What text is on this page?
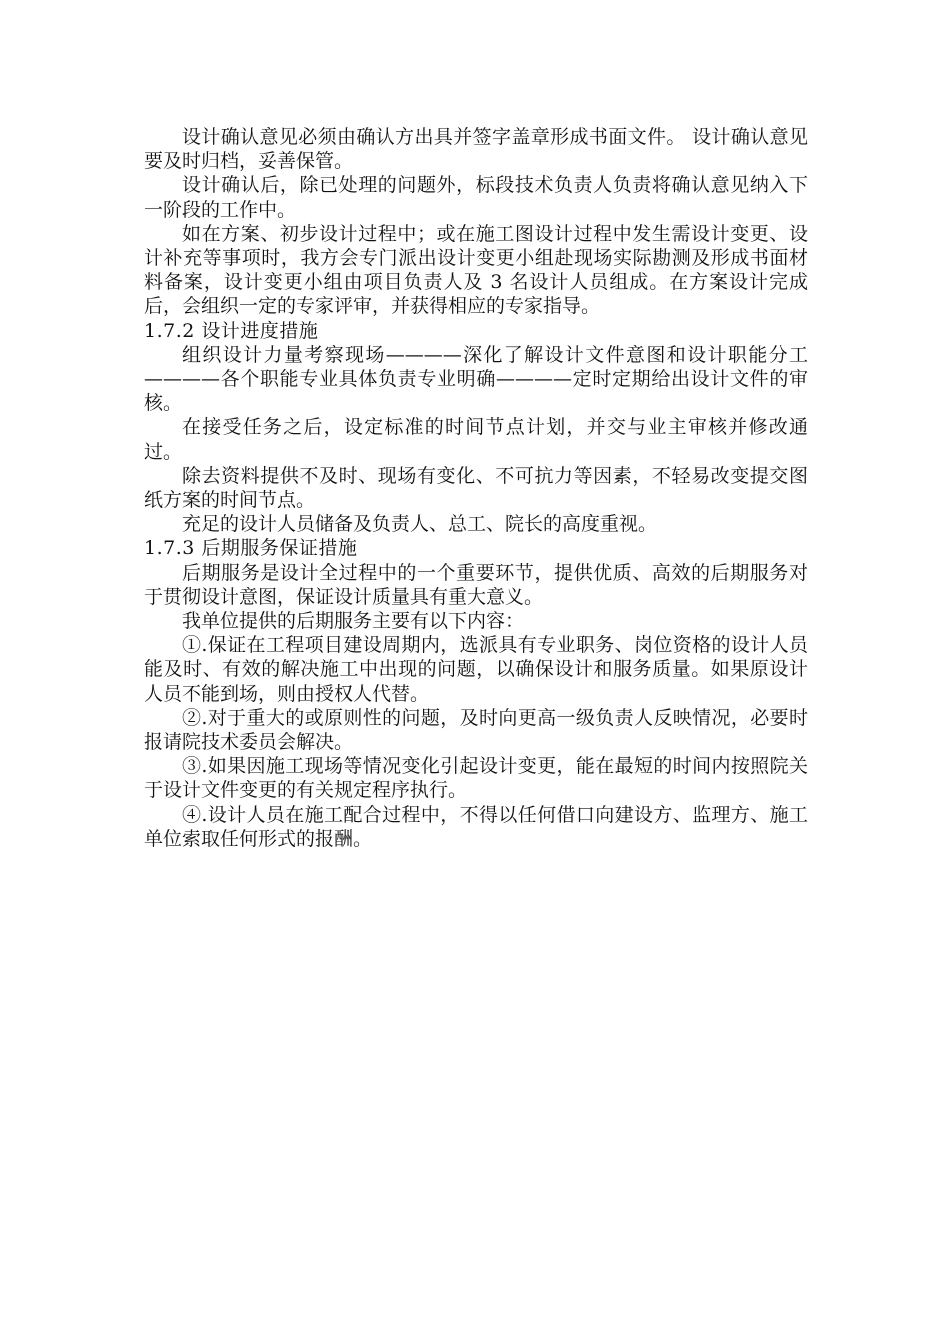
设计确认意见必须由确认方出具并签字盖章形成书面文件。 设计确认意见要及时归档，妥善保管。

设计确认后，除已处理的问题外，标段技术负责人负责将确认意见纳入下一阶段的工作中。

如在方案、初步设计过程中；或在施工图设计过程中发生需设计变更、设计补充等事项时，我方会专门派出设计变更小组赴现场实际勘测及形成书面材料备案，设计变更小组由项目负责人及 3 名设计人员组成。在方案设计完成后，会组织一定的专家评审，并获得相应的专家指导。

1.7.2 设计进度措施

组织设计力量考察现场————深化了解设计文件意图和设计职能分工————各个职能专业具体负责专业明确————定时定期给出设计文件的审核。

在接受任务之后，设定标准的时间节点计划，并交与业主审核并修改通过。

除去资料提供不及时、现场有变化、不可抗力等因素，不轻易改变提交图纸方案的时间节点。

充足的设计人员储备及负责人、总工、院长的高度重视。

1.7.3 后期服务保证措施

后期服务是设计全过程中的一个重要环节，提供优质、高效的后期服务对于贯彻设计意图，保证设计质量具有重大意义。

我单位提供的后期服务主要有以下内容：

①.保证在工程项目建设周期内，选派具有专业职务、岗位资格的设计人员能及时、有效的解决施工中出现的问题，以确保设计和服务质量。如果原设计人员不能到场，则由授权人代替。

②.对于重大的或原则性的问题，及时向更高一级负责人反映情况，必要时报请院技术委员会解决。

③.如果因施工现场等情况变化引起设计变更，能在最短的时间内按照院关于设计文件变更的有关规定程序执行。

④.设计人员在施工配合过程中，不得以任何借口向建设方、监理方、施工单位索取任何形式的报酬。
